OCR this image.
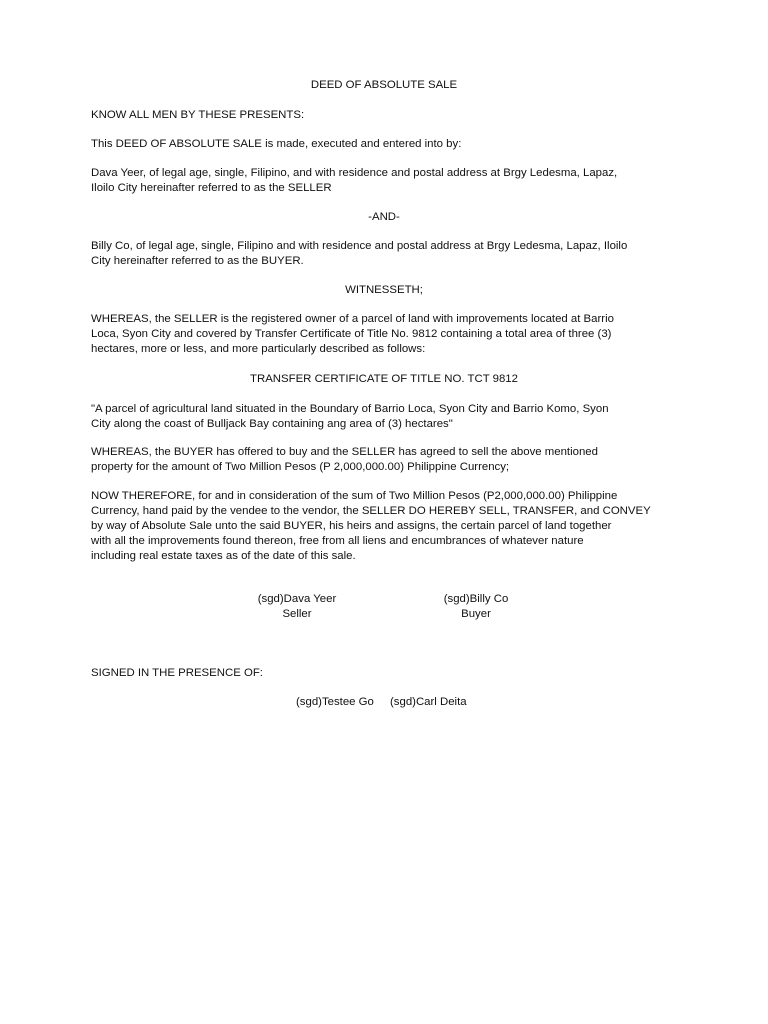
DEED OF ABSOLUTE SALE
KNOW ALL MEN BY THESE PRESENTS:
This DEED OF ABSOLUTE SALE is made, executed and entered into by:
Dava Yeer, of legal age, single, Filipino, and with residence and postal address at Brgy Ledesma, Lapaz,
Iloilo City hereinafter referred to as the SELLER
-AND-
Billy Co, of legal age, single, Filipino and with residence and postal address at Brgy Ledesma, Lapaz, Iloilo
City hereinafter referred to as the BUYER.
WITNESSETH;
WHEREAS, the SELLER is the registered owner of a parcel of land with improvements located at Barrio
Loca, Syon City and covered by Transfer Certificate of Title No. 9812 containing a total area of three (3)
hectares, more or less, and more particularly described as follows:
TRANSFER CERTIFICATE OF TITLE NO. TCT 9812
"A parcel of agricultural land situated in the Boundary of Barrio Loca, Syon City and Barrio Komo, Syon
City along the coast of Bulljack Bay containing ang area of (3) hectares"
WHEREAS, the BUYER has offered to buy and the SELLER has agreed to sell the above mentioned
property for the amount of Two Million Pesos (P 2,000,000.00) Philippine Currency;
NOW THEREFORE, for and in consideration of the sum of Two Million Pesos (P2,000,000.00) Philippine
Currency, hand paid by the vendee to the vendor, the SELLER DO HEREBY SELL, TRANSFER, and CONVEY
by way of Absolute Sale unto the said BUYER, his heirs and assigns, the certain parcel of land together
with all the improvements found thereon, free from all liens and encumbrances of whatever nature
including real estate taxes as of the date of this sale.
(sgd)Dava Yeer
Seller
(sgd)Billy Co
Buyer
SIGNED IN THE PRESENCE OF:
(sgd)Testee Go (sgd)Carl Deita
